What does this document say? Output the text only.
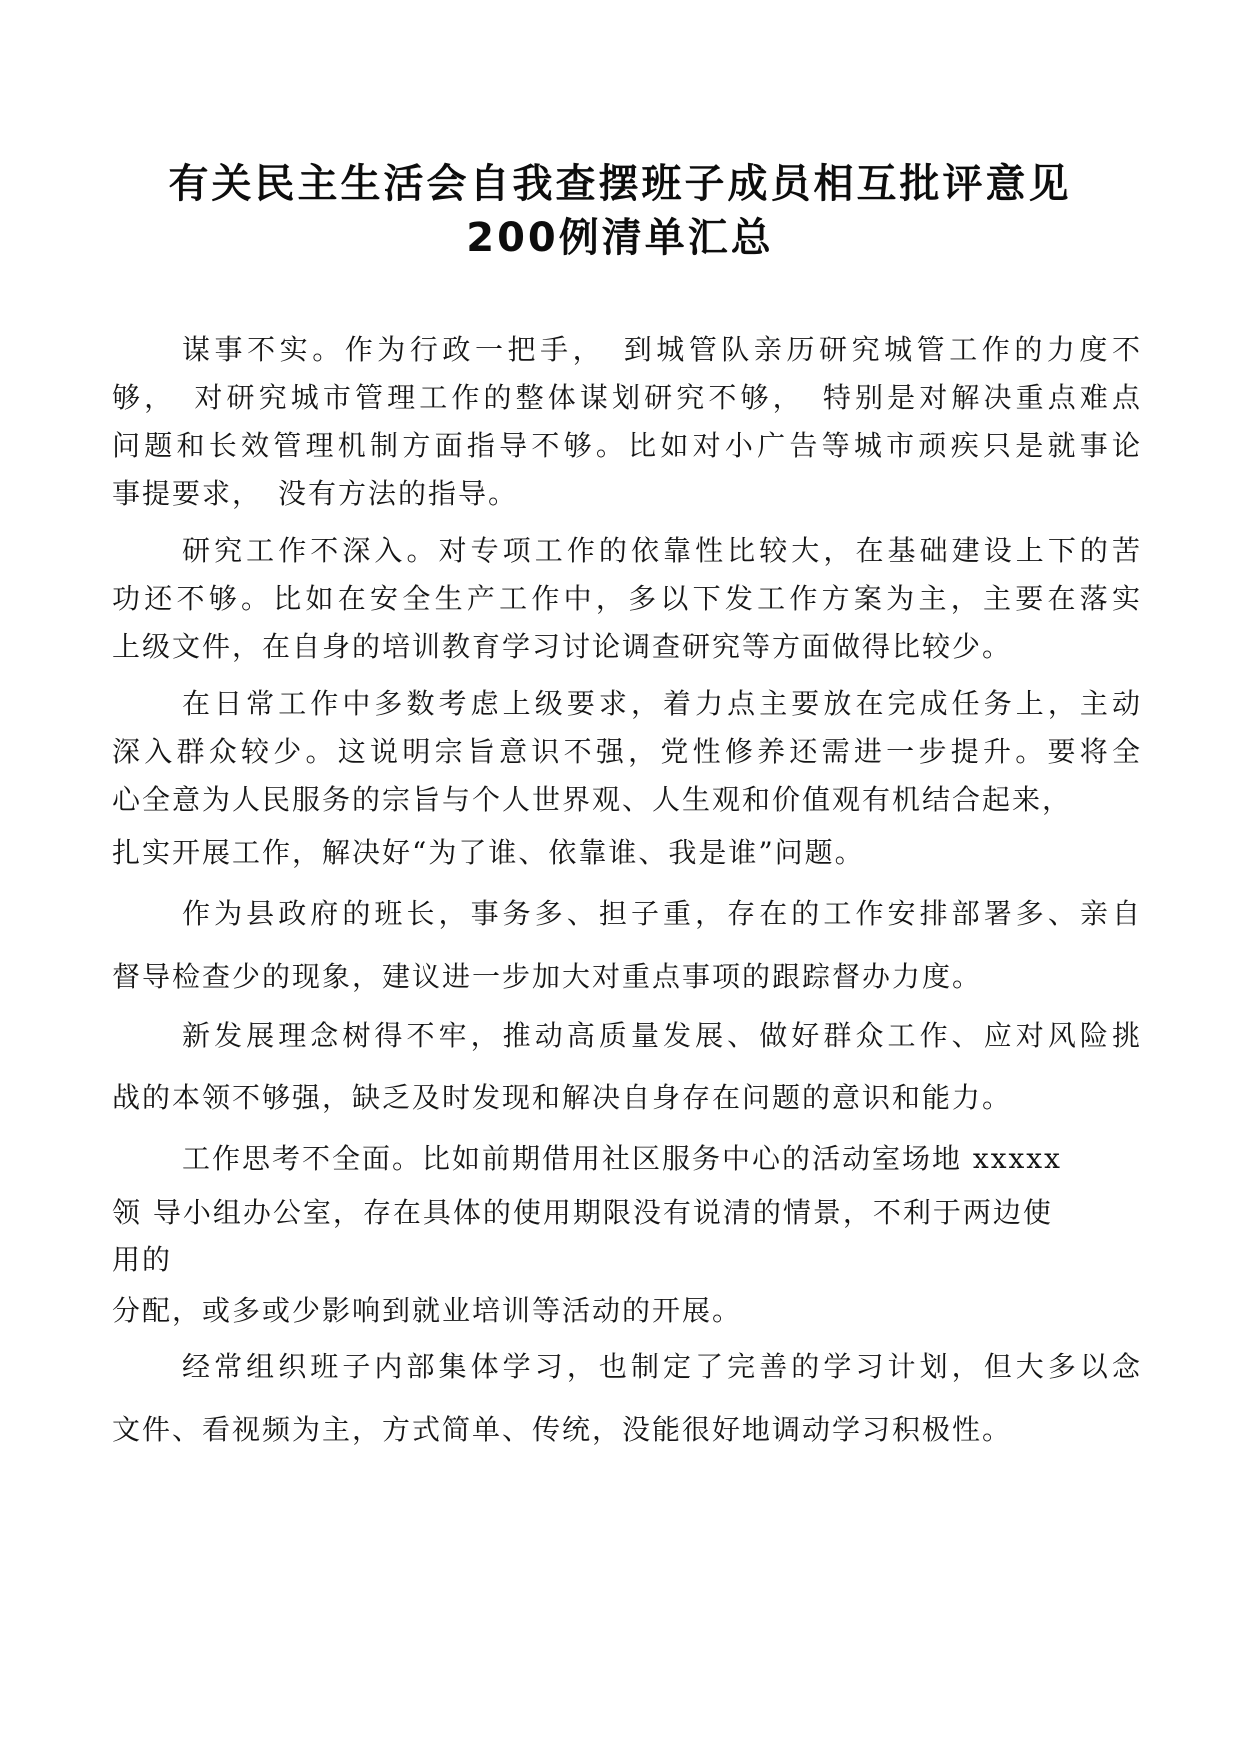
有关民主生活会自我查摆班子成员相互批评意见
200例清单汇总
谋事不实。作为行政一把手，　到城管队亲历研究城管工作的力度不
够，　对研究城市管理工作的整体谋划研究不够，　特别是对解决重点难点
问题和长效管理机制方面指导不够。比如对小广告等城市顽疾只是就事论
事提要求，　没有方法的指导。
研究工作不深入。对专项工作的依靠性比较大，在基础建设上下的苦
功还不够。比如在安全生产工作中，多以下发工作方案为主，主要在落实
上级文件，在自身的培训教育学习讨论调查研究等方面做得比较少。
在日常工作中多数考虑上级要求，着力点主要放在完成任务上，主动
深入群众较少。这说明宗旨意识不强，党性修养还需进一步提升。要将全
心全意为人民服务的宗旨与个人世界观、人生观和价值观有机结合起来，
扎实开展工作，解决好“为了谁、依靠谁、我是谁”问题。
作为县政府的班长，事务多、担子重，存在的工作安排部署多、亲自
督导检查少的现象，建议进一步加大对重点事项的跟踪督办力度。
新发展理念树得不牢，推动高质量发展、做好群众工作、应对风险挑
战的本领不够强，缺乏及时发现和解决自身存在问题的意识和能力。
工作思考不全面。比如前期借用社区服务中心的活动室场地 xxxxx
领 导小组办公室，存在具体的使用期限没有说清的情景，不利于两边使
用的
分配，或多或少影响到就业培训等活动的开展。
经常组织班子内部集体学习，也制定了完善的学习计划，但大多以念
文件、看视频为主，方式简单、传统，没能很好地调动学习积极性。
